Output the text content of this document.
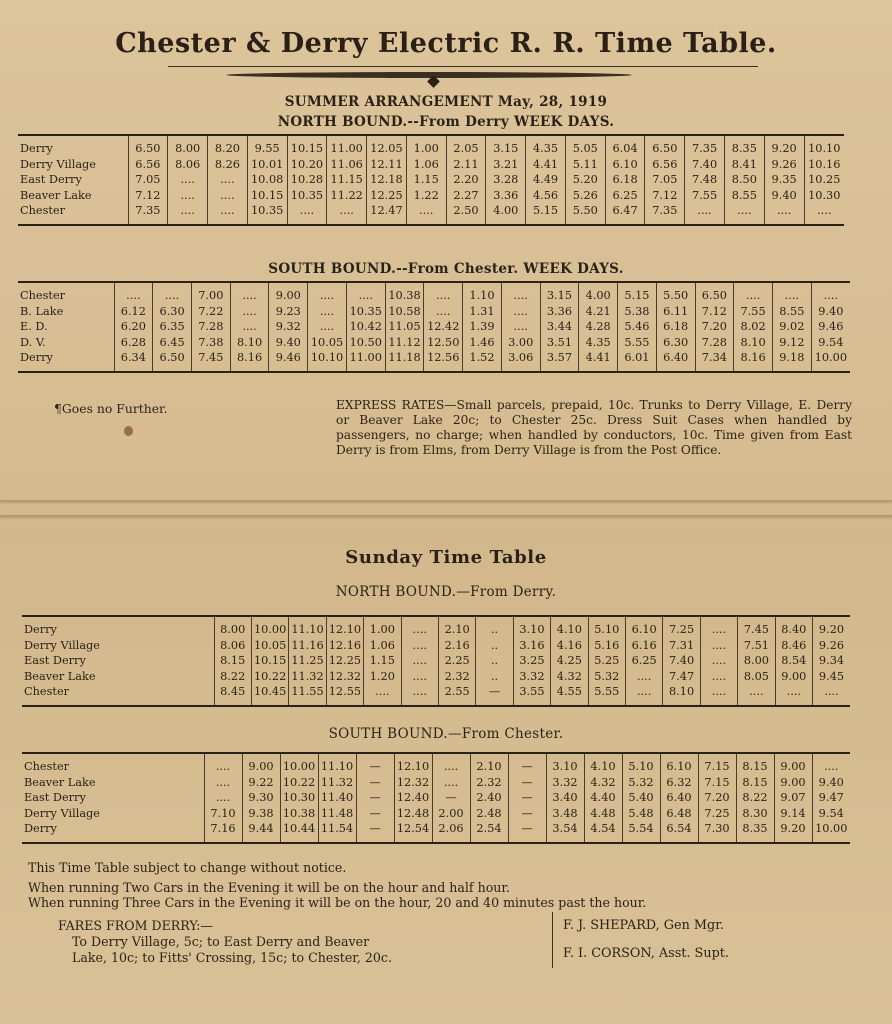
Chester & Derry Electric R. R. Time Table.
SUMMER ARRANGEMENT May, 28, 1919
NORTH BOUND.--From Derry WEEK DAYS.

Derry	6.50	8.00	8.20	9.55	10.15	11.00	12.05	1.00	2.05	3.15	4.35	5.05	6.04	6.50	7.35	8.35	9.20	10.10
Derry Village	6.56	8.06	8.26	10.01	10.20	11.06	12.11	1.06	2.11	3.21	4.41	5.11	6.10	6.56	7.40	8.41	9.26	10.16
East Derry	7.05	....	....	10.08	10.28	11.15	12.18	1.15	2.20	3.28	4.49	5.20	6.18	7.05	7.48	8.50	9.35	10.25
Beaver Lake	7.12	....	....	10.15	10.35	11.22	12.25	1.22	2.27	3.36	4.56	5.26	6.25	7.12	7.55	8.55	9.40	10.30
Chester	7.35	....	....	10.35	....	....	12.47	....	2.50	4.00	5.15	5.50	6.47	7.35	....	....	....	....

SOUTH BOUND.--From Chester. WEEK DAYS.

Chester	....	....	7.00	....	9.00	....	....	10.38	....	1.10	....	3.15	4.00	5.15	5.50	6.50	....	....	....
B. Lake	6.12	6.30	7.22	....	9.23	....	10.35	10.58	....	1.31	....	3.36	4.21	5.38	6.11	7.12	7.55	8.55	9.40
E. D.	6.20	6.35	7.28	....	9.32	....	10.42	11.05	12.42	1.39	....	3.44	4.28	5.46	6.18	7.20	8.02	9.02	9.46
D. V.	6.28	6.45	7.38	8.10	9.40	10.05	10.50	11.12	12.50	1.46	3.00	3.51	4.35	5.55	6.30	7.28	8.10	9.12	9.54
Derry	6.34	6.50	7.45	8.16	9.46	10.10	11.00	11.18	12.56	1.52	3.06	3.57	4.41	6.01	6.40	7.34	8.16	9.18	10.00

¶Goes no Further.	EXPRESS RATES—Small parcels, prepaid, 10c. Trunks to Derry Village, E. Derry or Beaver Lake 20c; to Chester 25c. Dress Suit Cases when handled by passengers, no charge; when handled by conductors, 10c. Time given from East Derry is from Elms, from Derry Village is from the Post Office.
Sunday Time Table
NORTH BOUND.—From Derry.

Derry	8.00	10.00	11.10	12.10	1.00	....	2.10	..	3.10	4.10	5.10	6.10	7.25	....	7.45	8.40	9.20
Derry Village	8.06	10.05	11.16	12.16	1.06	....	2.16	..	3.16	4.16	5.16	6.16	7.31	....	7.51	8.46	9.26
East Derry	8.15	10.15	11.25	12.25	1.15	....	2.25	..	3.25	4.25	5.25	6.25	7.40	....	8.00	8.54	9.34
Beaver Lake	8.22	10.22	11.32	12.32	1.20	....	2.32	..	3.32	4.32	5.32	....	7.47	....	8.05	9.00	9.45
Chester	8.45	10.45	11.55	12.55	....	....	2.55	—	3.55	4.55	5.55	....	8.10	....	....	....	....

SOUTH BOUND.—From Chester.

Chester	....	9.00	10.00	11.10	—	12.10	....	2.10	—	3.10	4.10	5.10	6.10	7.15	8.15	9.00	....
Beaver Lake	....	9.22	10.22	11.32	—	12.32	....	2.32	—	3.32	4.32	5.32	6.32	7.15	8.15	9.00	9.40
East Derry	....	9.30	10.30	11.40	—	12.40	—	2.40	—	3.40	4.40	5.40	6.40	7.20	8.22	9.07	9.47
Derry Village	7.10	9.38	10.38	11.48	—	12.48	2.00	2.48	—	3.48	4.48	5.48	6.48	7.25	8.30	9.14	9.54
Derry	7.16	9.44	10.44	11.54	—	12.54	2.06	2.54	—	3.54	4.54	5.54	6.54	7.30	8.35	9.20	10.00

This Time Table subject to change without notice.
When running Two Cars in the Evening it will be on the hour and half hour.
When running Three Cars in the Evening it will be on the hour, 20 and 40 minutes past the hour.
FARES FROM DERRY:—
To Derry Village, 5c; to East Derry and Beaver
Lake, 10c; to Fitts' Crossing, 15c; to Chester, 20c.
F. J. SHEPARD, Gen Mgr.
F. I. CORSON, Asst. Supt.
